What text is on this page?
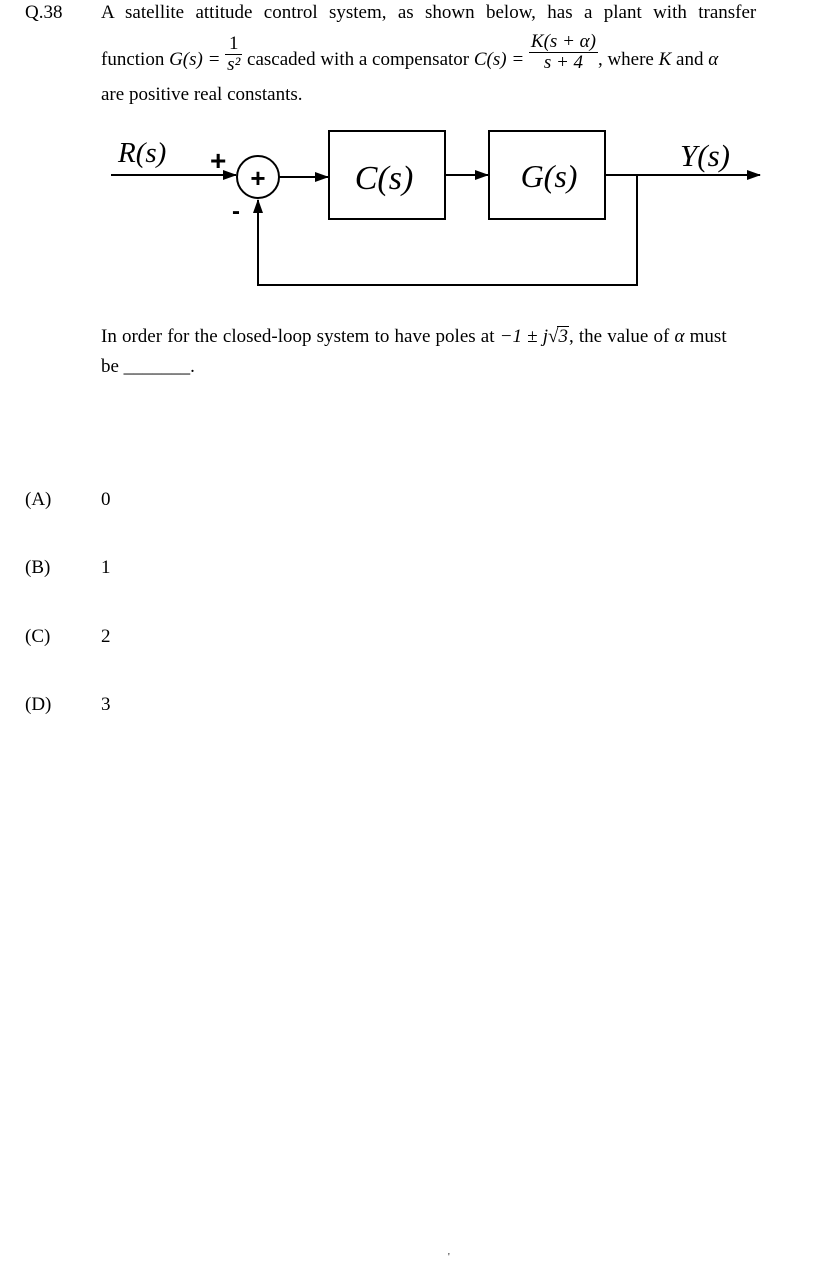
Q.38 A satellite attitude control system, as shown below, has a plant with transfer
function $G(s) = \frac{1}{\text{s²}}$ cascaded with a compensator $C(s) = \frac{K(s + \alpha)}{s + 4}$ , where K and α
are positive real constants.
R(s) +
-
+	C(s)	G(s)
Y(s)
In order for the closed-loop system to have poles at −1 ± j√3, the value of α must
be _______.
(A)	0
(B)	1
(C)	2
(D)	3
'
